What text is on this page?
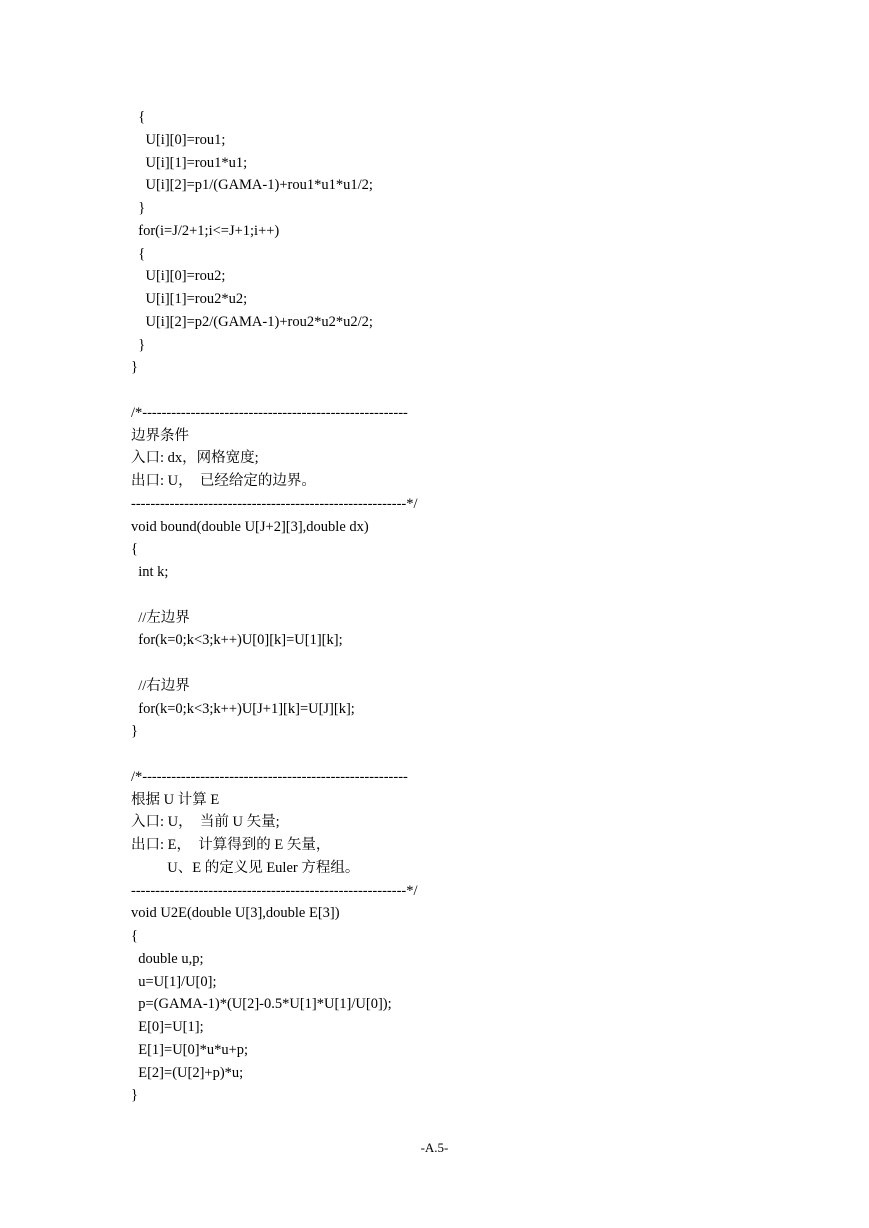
{
U[i][0]=rou1;
U[i][1]=rou1*u1;
U[i][2]=p1/(GAMA-1)+rou1*u1*u1/2;
}
for(i=J/2+1;i<=J+1;i++)
{
U[i][0]=rou2;
U[i][1]=rou2*u2;
U[i][2]=p2/(GAMA-1)+rou2*u2*u2/2;
}
}
/*-------------------------------------------------------
边界条件
入口: dx，网格宽度;
出口: U，  已经给定的边界。
---------------------------------------------------------*/
void bound(double U[J+2][3],double dx)
{
int k;
//左边界
for(k=0;k<3;k++)U[0][k]=U[1][k];
//右边界
for(k=0;k<3;k++)U[J+1][k]=U[J][k];
}
/*-------------------------------------------------------
根据 U 计算 E
入口: U，  当前 U 矢量;
出口: E，  计算得到的 E 矢量，
U、E 的定义见 Euler 方程组。
---------------------------------------------------------*/
void U2E(double U[3],double E[3])
{
double u,p;
u=U[1]/U[0];
p=(GAMA-1)*(U[2]-0.5*U[1]*U[1]/U[0]);
E[0]=U[1];
E[1]=U[0]*u*u+p;
E[2]=(U[2]+p)*u;
}
-A.5-
